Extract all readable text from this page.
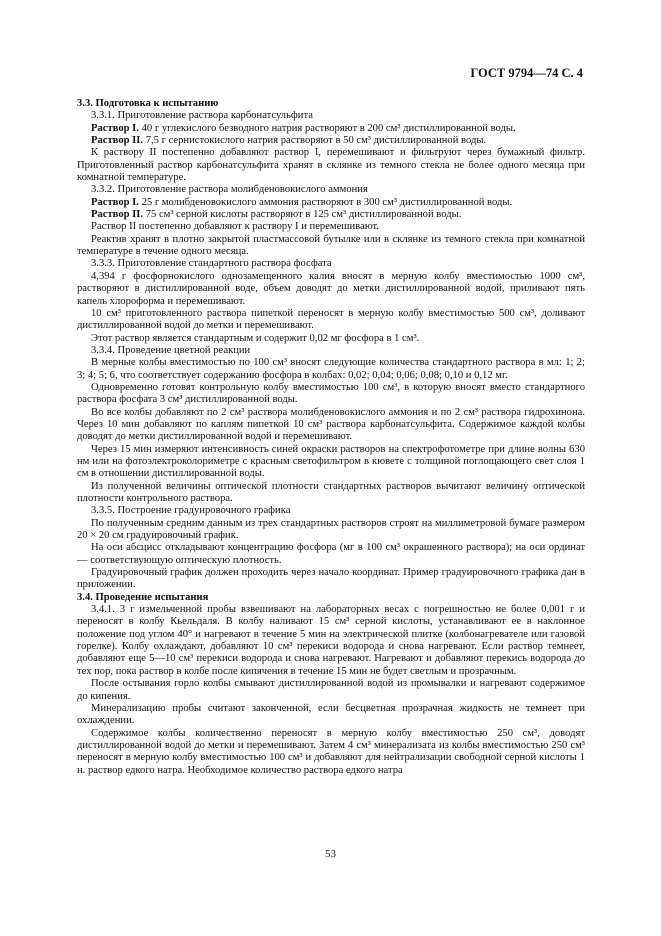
ГОСТ 9794—74 С. 4

3.3. Подготовка к испытанию

3.3.1. Приготовление раствора карбонатсульфита

Раствор I. 40 г углекислого безводного натрия растворяют в 200 см³ дистиллированной воды.

Раствор II. 7,5 г сернистокислого натрия растворяют в 50 см³ дистиллированной воды.

К раствору II постепенно добавляют раствор I, перемешивают и фильтруют через бумажный фильтр. Приготовленный раствор карбонатсульфита хранят в склянке из темного стекла не более одного месяца при комнатной температуре.

3.3.2. Приготовление раствора молибденовокислого аммония

Раствор I. 25 г молибденовокислого аммония растворяют в 300 см³ дистиллированной воды.

Раствор II. 75 см³ серной кислоты растворяют в 125 см³ дистиллированной воды.

Раствор II постепенно добавляют к раствору I и перемешивают.

Реактив хранят в плотно закрытой пластмассовой бутылке или в склянке из темного стекла при комнатной температуре в течение одного месяца.

3.3.3. Приготовление стандартного раствора фосфата

4,394 г фосфорнокислого однозамещенного калия вносят в мерную колбу вместимостью 1000 см³, растворяют в дистиллированной воде, объем доводят до метки дистиллированной водой, приливают пять капель хлороформа и перемешивают.

10 см³ приготовленного раствора пипеткой переносят в мерную колбу вместимостью 500 см³, доливают дистиллированной водой до метки и перемешивают.

Этот раствор является стандартным и содержит 0,02 мг фосфора в 1 см³.

3.3.4. Проведение цветной реакции

В мерные колбы вместимостью по 100 см³ вносят следующие количества стандартного раствора в мл: 1; 2; 3; 4; 5; 6, что соответствует содержанию фосфора в колбах: 0,02; 0,04; 0,06; 0,08; 0,10 и 0,12 мг.

Одновременно готовят контрольную колбу вместимостью 100 см³, в которую вносят вместо стандартного раствора фосфата 3 см³ дистиллированной воды.

Во все колбы добавляют по 2 см³ раствора молибденовокислого аммония и по 2 см³ раствора гидрохинона. Через 10 мин добавляют по каплям пипеткой 10 см³ раствора карбонатсульфита. Содержимое каждой колбы доводят до метки дистиллированной водой и перемешивают.

Через 15 мин измеряют интенсивность синей окраски растворов на спектрофотометре при длине волны 630 нм или на фотоэлектроколориметре с красным светофильтром в кювете с толщиной поглощающего свет слоя 1 см в отношении дистиллированной воды.

Из полученной величины оптической плотности стандартных растворов вычитают величину оптической плотности контрольного раствора.

3.3.5. Построение градуировочного графика

По полученным средним данным из трех стандартных растворов строят на миллиметровой бумаге размером 20 × 20 см градуировочный график.

На оси абсцисс откладывают концентрацию фосфора (мг в 100 см³ окрашенного раствора); на оси ординат — соответствующую оптическую плотность.

Градуировочный график должен проходить через начало координат. Пример градуировочного графика дан в приложении.

3.4. Проведение испытания

3.4.1. 3 г измельченной пробы взвешивают на лабораторных весах с погрешностью не более 0,001 г и переносят в колбу Кьельдаля. В колбу наливают 15 см³ серной кислоты, устанавливают ее в наклонное положение под углом 40° и нагревают в течение 5 мин на электрической плитке (колбонагревателе или газовой горелке). Колбу охлаждают, добавляют 10 см³ перекиси водорода и снова нагревают. Если раствор темнеет, добавляют еще 5—10 см³ перекиси водорода и снова нагревают. Нагревают и добавляют перекись водорода до тех пор, пока раствор в колбе после кипячения в течение 15 мин не будет светлым и прозрачным.

После остывания горло колбы смывают дистиллированной водой из промывалки и нагревают содержимое до кипения.

Минерализацию пробы считают законченной, если бесцветная прозрачная жидкость не темнеет при охлаждении.

Содержимое колбы количественно переносят в мерную колбу вместимостью 250 см³, доводят дистиллированной водой до метки и перемешивают. Затем 4 см³ минерализата из колбы вместимостью 250 см³ переносят в мерную колбу вместимостью 100 см³ и добавляют для нейтрализации свободной серной кислоты 1 н. раствор едкого натра. Необходимое количество раствора едкого натра

53
